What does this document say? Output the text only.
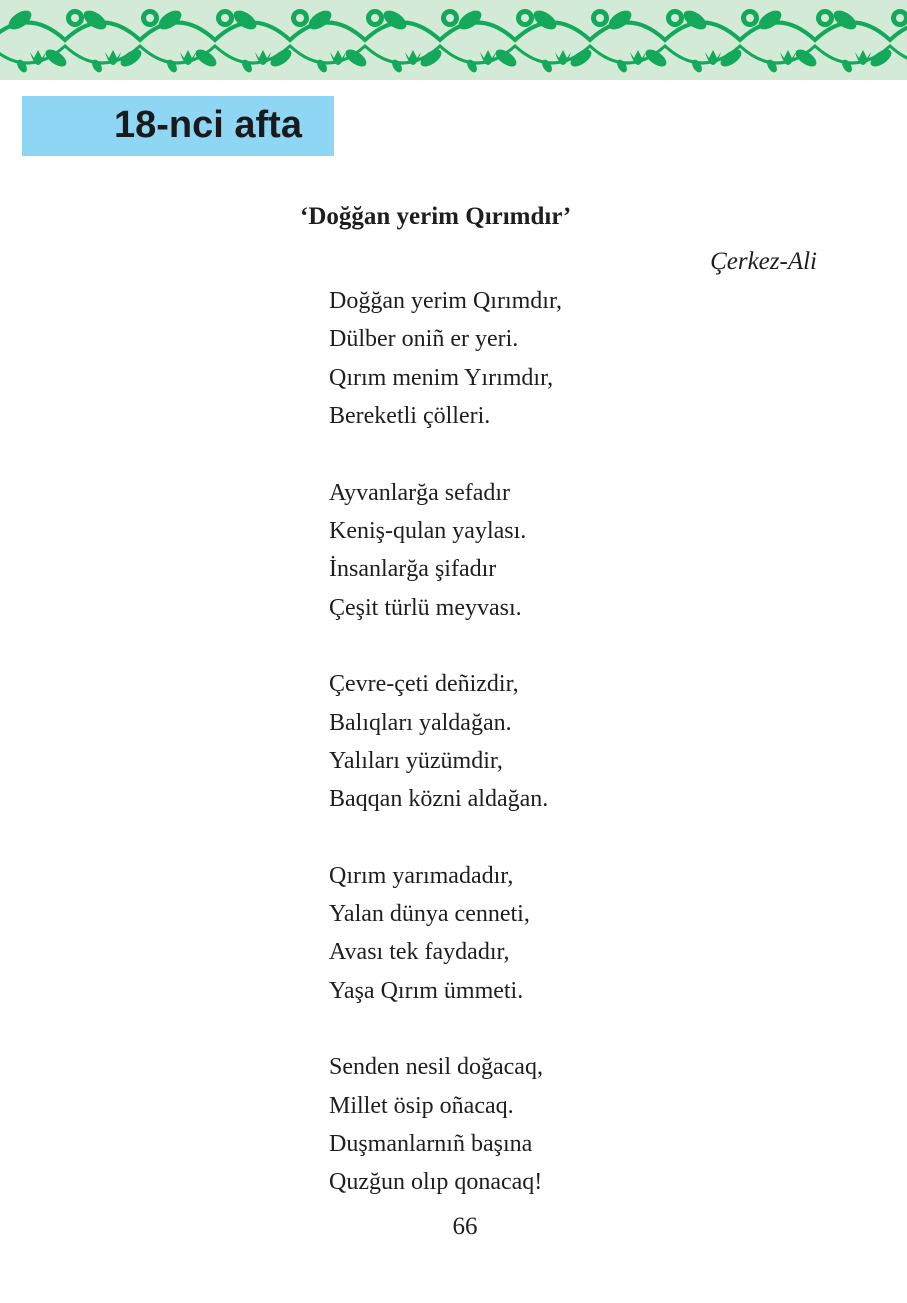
18-nci afta
‘Doğğan yerim Qırımdır’
Çerkez-Ali
Doğğan yerim Qırımdır,
Dülber oniñ er yeri.
Qırım menim Yırımdır,
Bereketli çölleri.
Ayvanlarğa sefadır
Keniş-qulan yaylası.
İnsanlarğa şifadır
Çeşit türlü meyvası.
Çevre-çeti deñizdir,
Balıqları yaldağan.
Yalıları yüzümdir,
Baqqan közni aldağan.
Qırım yarımadadır,
Yalan dünya cenneti,
Avası tek faydadır,
Yaşa Qırım ümmeti.
Senden nesil doğacaq,
Millet ösip oñacaq.
Duşmanlarnıñ başına
Quzğun olıp qonacaq!
66
